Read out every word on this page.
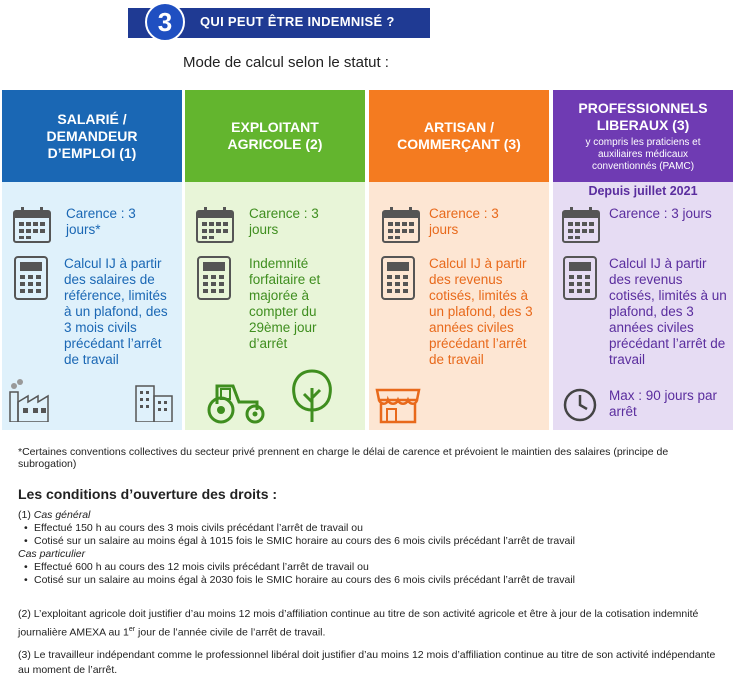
3	QUI PEUT ÊTRE INDEMNISÉ ?
Mode de calcul selon le statut :
SALARIÉ / DEMANDEUR D’EMPLOI (1)
Carence : 3 jours*
Calcul IJ à partir des salaires de référence, limités à un plafond, des 3 mois civils précédant l’arrêt de travail
EXPLOITANT AGRICOLE (2)
Carence : 3 jours
Indemnité forfaitaire et majorée à compter du 29ème jour d’arrêt
ARTISAN / COMMERÇANT (3)
Carence : 3 jours
Calcul IJ à partir des revenus cotisés, limités à un plafond, des 3 années civiles précédant l’arrêt de travail
PROFESSIONNELS LIBERAUX (3)
y compris les praticiens et auxiliaires médicaux conventionnés (PAMC)
Depuis juillet 2021
Carence : 3 jours
Calcul IJ à partir des revenus cotisés, limités à un plafond, des 3 années civiles précédant l’arrêt de travail
Max : 90 jours par arrêt
*Certaines conventions collectives du secteur privé prennent en charge le délai de carence et prévoient le maintien des salaires (principe de subrogation)
Les conditions d’ouverture des droits :
(1) Cas général
• Effectué 150 h au cours des 3 mois civils précédant l’arrêt de travail ou
• Cotisé sur un salaire au moins égal à 1015 fois le SMIC horaire au cours des 6 mois civils précédant l’arrêt de travail
Cas particulier
• Effectué 600 h au cours des 12 mois civils précédant l’arrêt de travail ou
• Cotisé sur un salaire au moins égal à 2030 fois le SMIC horaire au cours des 6 mois civils précédant l’arrêt de travail
(2) L’exploitant agricole doit justifier d’au moins 12 mois d’affiliation continue au titre de son activité agricole et être à jour de la cotisation indemnité journalière AMEXA au 1er jour de l’année civile de l’arrêt de travail.
(3) Le travailleur indépendant comme le professionnel libéral doit justifier d’au moins 12 mois d’affiliation continue au titre de son activité indépendante au moment de l’arrêt.
